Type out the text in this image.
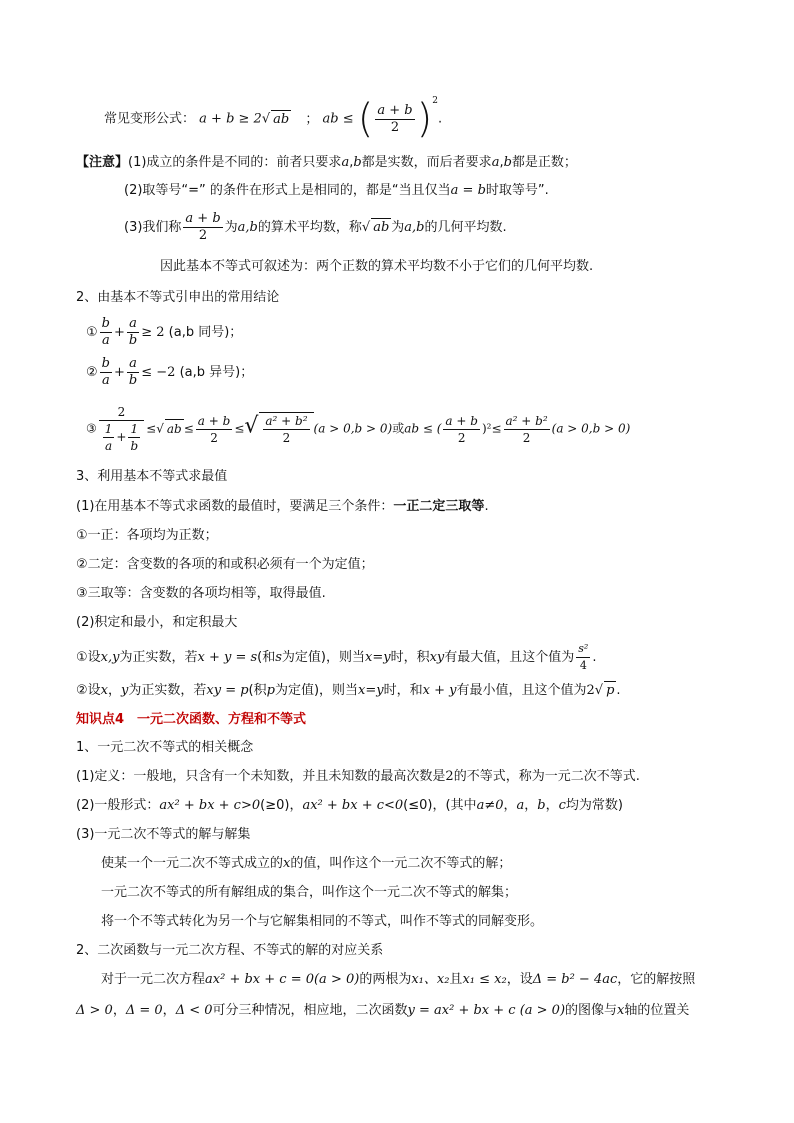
常见变形公式： a + b ≥ 2√ ab ； ab ≤ ( $\frac{a + b}{2} )^2$.
【注意】(1)成立的条件是不同的：前者只要求a,b都是实数，而后者要求a,b都是正数；
(2)取等号“=” 的条件在形式上是相同的，都是“当且仅当a = b时取等号”.
(3)我们称 $\frac{a + b}{2}$ 为a,b的算术平均数，称√ ab 为a,b的几何平均数.
因此基本不等式可叙述为：两个正数的算术平均数不小于它们的几何平均数.
2、由基本不等式引申出的常用结论
① $\frac{b}{a} + \frac{a}{b} \ge 2$ (a,b 同号)；
② $\frac{b}{a} + \frac{a}{b} \le -2$ (a,b 异号)；
③ $\frac{2}{\frac{1}{a} + \frac{1}{b}}$ ≤√ ab ≤ $\frac{a + b}{2}$ ≤√ $\frac{\text{a² + b²}}{2} (a > 0,b > 0)$或ab ≤ ( $\frac{a + b}{2} )^2\le \frac{\text{a² + b²}}{2} (a > 0,b > 0)$
3、利用基本不等式求最值
(1)在用基本不等式求函数的最值时，要满足三个条件：一正二定三取等.
①一正：各项均为正数；
②二定：含变数的各项的和或积必须有一个为定值；
③三取等：含变数的各项均相等，取得最值.
(2)积定和最小，和定积最大
①设x,y为正实数，若x + y = s(和s为定值)，则当x=y时，积xy有最大值，且这个值为 $\frac{\text{s²}}{4}$ .
②设x，y为正实数，若xy = p(积p为定值)，则当x=y时，和x + y有最小值，且这个值为2√ p .
知识点4　一元二次函数、方程和不等式
1、一元二次不等式的相关概念
(1)定义：一般地，只含有一个未知数，并且未知数的最高次数是2的不等式，称为一元二次不等式.
(2)一般形式：ax² + bx + c>0(≥0)，ax² + bx + c<0(≤0)，(其中a≠0，a，b，c均为常数)
(3)一元二次不等式的解与解集
使某一个一元二次不等式成立的x的值，叫作这个一元二次不等式的解；
一元二次不等式的所有解组成的集合，叫作这个一元二次不等式的解集；
将一个不等式转化为另一个与它解集相同的不等式，叫作不等式的同解变形。
2、二次函数与一元二次方程、不等式的解的对应关系
对于一元二次方程ax² + bx + c = 0(a > 0)的两根为x₁、x₂且x₁ ≤ x₂，设Δ = b² − 4ac，它的解按照
Δ > 0，Δ = 0，Δ < 0可分三种情况，相应地，二次函数y = ax² + bx + c (a > 0)的图像与x轴的位置关
